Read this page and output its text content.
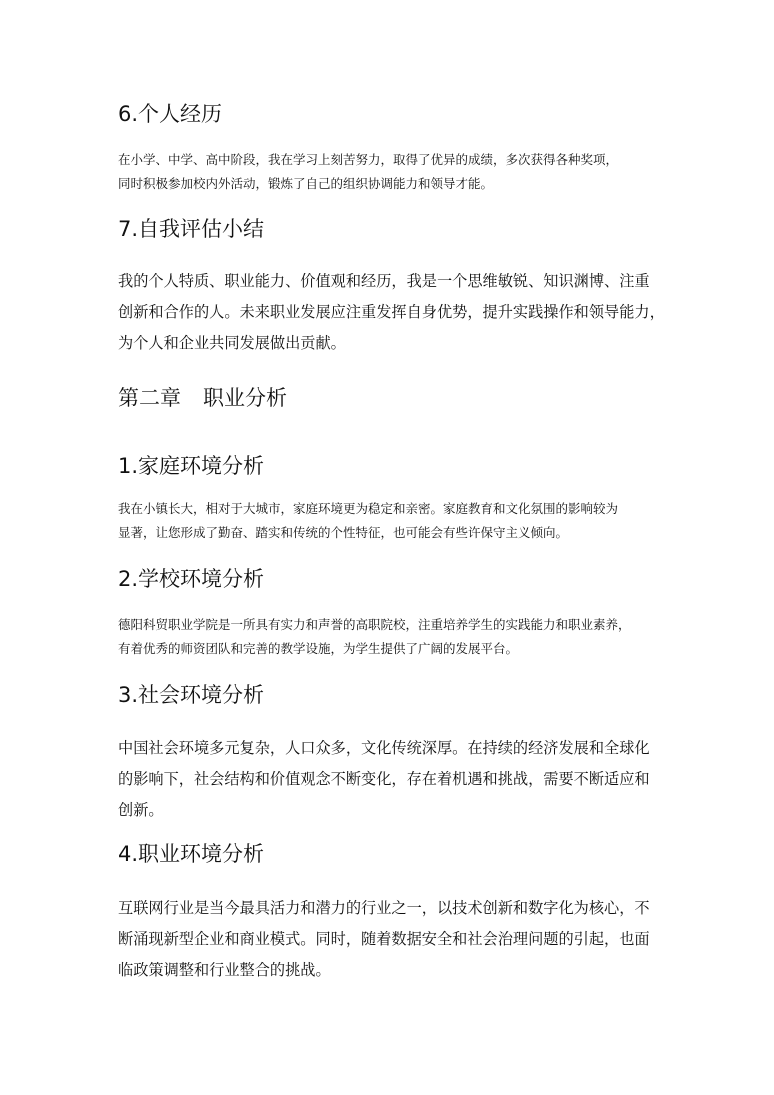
6.个人经历

在小学、中学、高中阶段，我在学习上刻苦努力，取得了优异的成绩，多次获得各种奖项，
同时积极参加校内外活动，锻炼了自己的组织协调能力和领导才能。

7.自我评估小结

我的个人特质、职业能力、价值观和经历，我是一个思维敏锐、知识渊博、注重
创新和合作的人。未来职业发展应注重发挥自身优势，提升实践操作和领导能力，
为个人和企业共同发展做出贡献。

第二章 职业分析
1.家庭环境分析

我在小镇长大，相对于大城市，家庭环境更为稳定和亲密。家庭教育和文化氛围的影响较为
显著，让您形成了勤奋、踏实和传统的个性特征，也可能会有些许保守主义倾向。

2.学校环境分析

德阳科贸职业学院是一所具有实力和声誉的高职院校，注重培养学生的实践能力和职业素养，
有着优秀的师资团队和完善的教学设施，为学生提供了广阔的发展平台。

3.社会环境分析

中国社会环境多元复杂，人口众多，文化传统深厚。在持续的经济发展和全球化
的影响下，社会结构和价值观念不断变化，存在着机遇和挑战，需要不断适应和
创新。

4.职业环境分析

互联网行业是当今最具活力和潜力的行业之一，以技术创新和数字化为核心，不
断涌现新型企业和商业模式。同时，随着数据安全和社会治理问题的引起，也面
临政策调整和行业整合的挑战。
